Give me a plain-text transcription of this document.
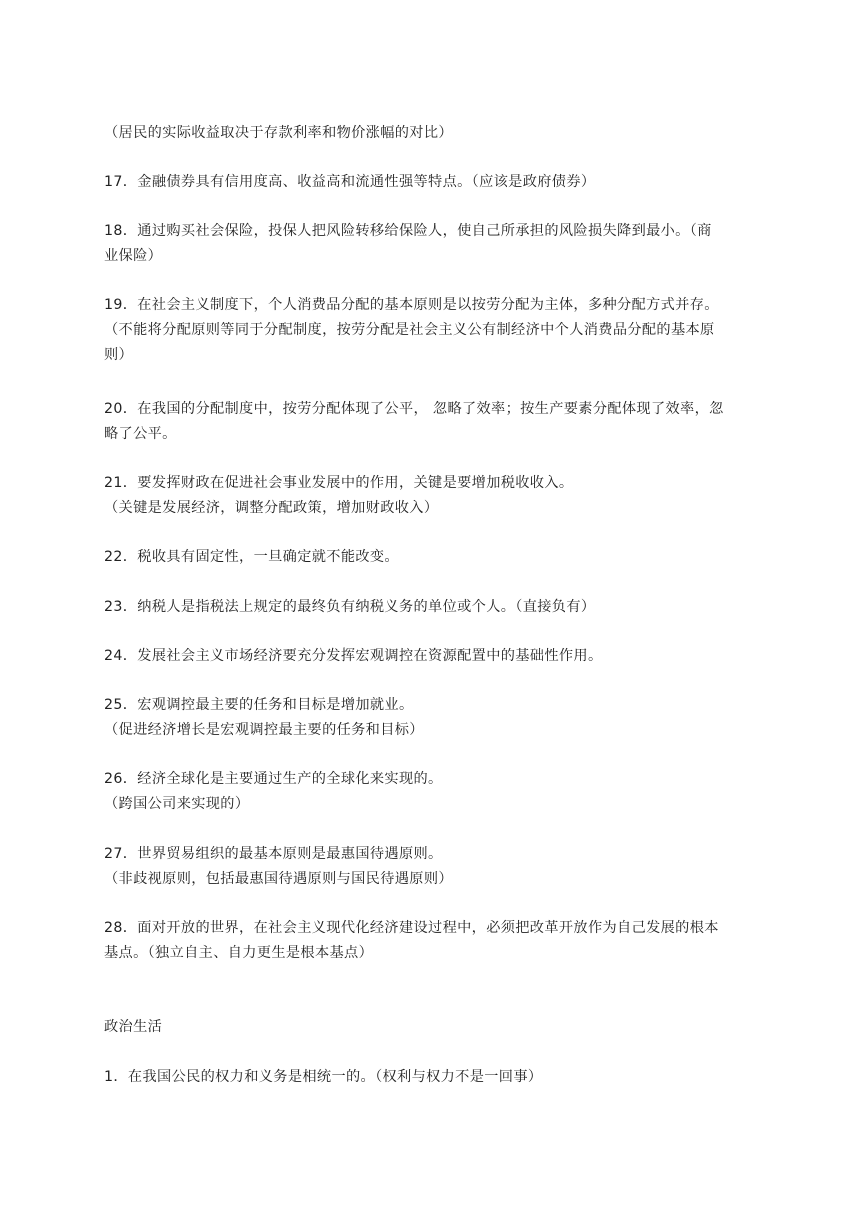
（居民的实际收益取决于存款利率和物价涨幅的对比）
17．金融债券具有信用度高、收益高和流通性强等特点。（应该是政府债券）
18．通过购买社会保险，投保人把风险转移给保险人，使自己所承担的风险损失降到最小。（商
业保险）
19．在社会主义制度下，个人消费品分配的基本原则是以按劳分配为主体，多种分配方式并存。
（不能将分配原则等同于分配制度，按劳分配是社会主义公有制经济中个人消费品分配的基本原
则）
20．在我国的分配制度中，按劳分配体现了公平， 忽略了效率；按生产要素分配体现了效率，忽
略了公平。
21．要发挥财政在促进社会事业发展中的作用，关键是要增加税收收入。
（关键是发展经济，调整分配政策，增加财政收入）
22．税收具有固定性，一旦确定就不能改变。
23．纳税人是指税法上规定的最终负有纳税义务的单位或个人。（直接负有）
24．发展社会主义市场经济要充分发挥宏观调控在资源配置中的基础性作用。
25．宏观调控最主要的任务和目标是增加就业。
（促进经济增长是宏观调控最主要的任务和目标）
26．经济全球化是主要通过生产的全球化来实现的。
（跨国公司来实现的）
27．世界贸易组织的最基本原则是最惠国待遇原则。
（非歧视原则，包括最惠国待遇原则与国民待遇原则）
28．面对开放的世界，在社会主义现代化经济建设过程中，必须把改革开放作为自己发展的根本
基点。（独立自主、自力更生是根本基点）
政治生活
1．在我国公民的权力和义务是相统一的。（权利与权力不是一回事）
